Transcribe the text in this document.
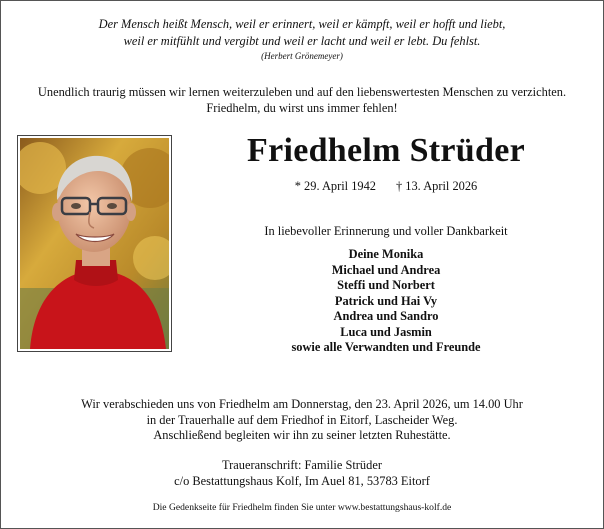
Der Mensch heißt Mensch, weil er erinnert, weil er kämpft, weil er hofft und liebt,
weil er mitfühlt und vergibt und weil er lacht und weil er lebt. Du fehlst.
(Herbert Grönemeyer)
Unendlich traurig müssen wir lernen weiterzuleben und auf den liebenswertesten Menschen zu verzichten.
Friedhelm, du wirst uns immer fehlen!
Friedhelm Strüder
* 29. April 1942 † 13. April 2026
In liebevoller Erinnerung und voller Dankbarkeit
Deine Monika
Michael und Andrea
Steffi und Norbert
Patrick und Hai Vy
Andrea und Sandro
Luca und Jasmin
sowie alle Verwandten und Freunde
Wir verabschieden uns von Friedhelm am Donnerstag, den 23. April 2026, um 14.00 Uhr
in der Trauerhalle auf dem Friedhof in Eitorf, Lascheider Weg.
Anschließend begleiten wir ihn zu seiner letzten Ruhestätte.
Traueranschrift: Familie Strüder
c/o Bestattungshaus Kolf, Im Auel 81, 53783 Eitorf
Die Gedenkseite für Friedhelm finden Sie unter www.bestattungshaus-kolf.de
